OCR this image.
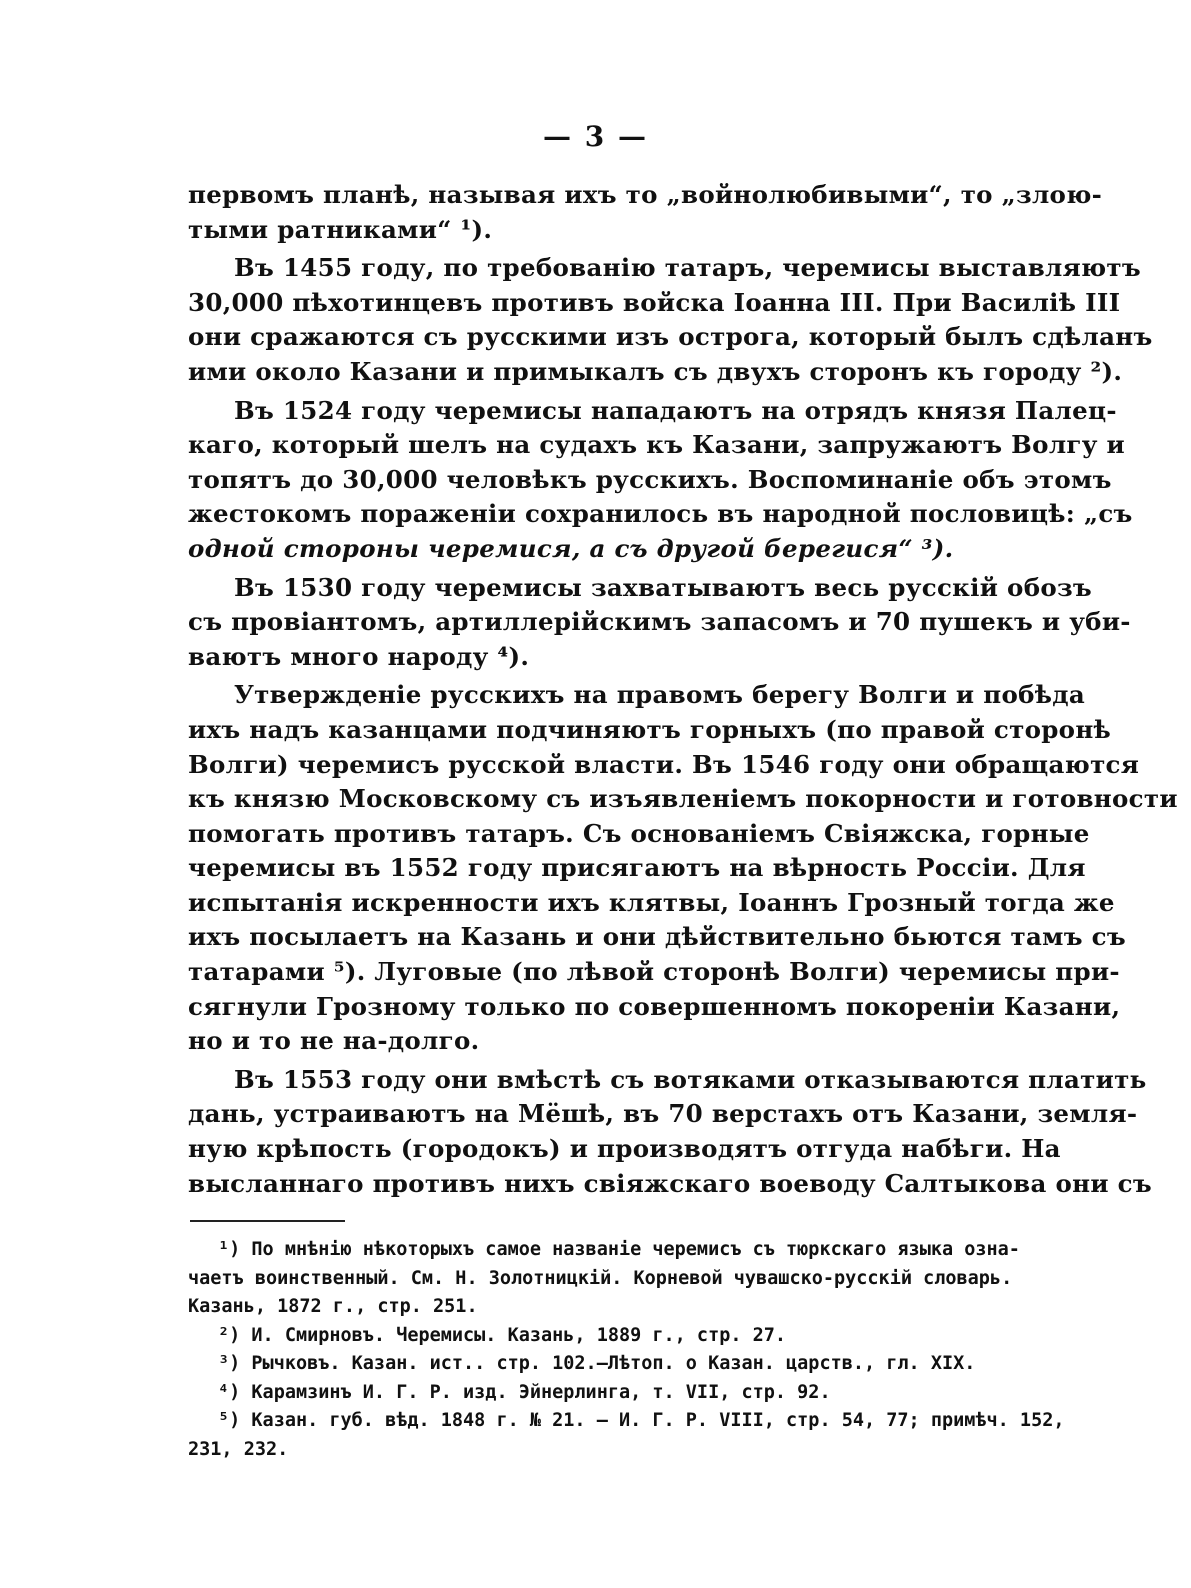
— 3 —
первомъ планѣ, называя ихъ то „войнолюбивыми“, то „злою-
тыми ратниками“ ¹).
Въ 1455 году, по требованію татаръ, черемисы выставляютъ
30,000 пѣхотинцевъ противъ войска Іоанна III. При Василіѣ III
они сражаются съ русскими изъ острога, который былъ сдѣланъ
ими около Казани и примыкалъ съ двухъ сторонъ къ городу ²).
Въ 1524 году черемисы нападаютъ на отрядъ князя Палец-
каго, который шелъ на судахъ къ Казани, запружаютъ Волгу и
топятъ до 30,000 человѣкъ русскихъ. Воспоминаніе объ этомъ
жестокомъ пораженіи сохранилось въ народной пословицѣ: „съ
одной стороны черемися, а съ другой берегися“ ³).
Въ 1530 году черемисы захватываютъ весь русскій обозъ
съ провіантомъ, артиллерійскимъ запасомъ и 70 пушекъ и уби-
ваютъ много народу ⁴).
Утвержденіе русскихъ на правомъ берегу Волги и побѣда
ихъ надъ казанцами подчиняютъ горныхъ (по правой сторонѣ
Волги) черемисъ русской власти. Въ 1546 году они обращаются
къ князю Московскому съ изъявленіемъ покорности и готовности
помогать противъ татаръ. Съ основаніемъ Свіяжска, горные
черемисы въ 1552 году присягаютъ на вѣрность Россіи. Для
испытанія искренности ихъ клятвы, Іоаннъ Грозный тогда же
ихъ посылаетъ на Казань и они дѣйствительно бьются тамъ съ
татарами ⁵). Луговые (по лѣвой сторонѣ Волги) черемисы при-
сягнули Грозному только по совершенномъ покореніи Казани,
но и то не на-долго.
Въ 1553 году они вмѣстѣ съ вотяками отказываются платить
дань, устраиваютъ на Мёшѣ, въ 70 верстахъ отъ Казани, земля-
ную крѣпость (городокъ) и производятъ отгуда набѣги. На
высланнаго противъ нихъ свіяжскаго воеводу Салтыкова они съ
¹) По мнѣнію нѣкоторыхъ самое названіе черемисъ съ тюркскаго языка озна-
чаетъ воинственный. См. Н. Золотницкій. Корневой чувашско-русскій словарь.
Казань, 1872 г., стр. 251.
²) И. Смирновъ. Черемисы. Казань, 1889 г., стр. 27.
³) Рычковъ. Казан. ист.. стр. 102.—Лѣтоп. о Казан. царств., гл. XIX.
⁴) Карамзинъ И. Г. Р. изд. Эйнерлинга, т. VII, стр. 92.
⁵) Казан. губ. вѣд. 1848 г. № 21. — И. Г. Р. VIII, стр. 54, 77; примѣч. 152,
231, 232.
